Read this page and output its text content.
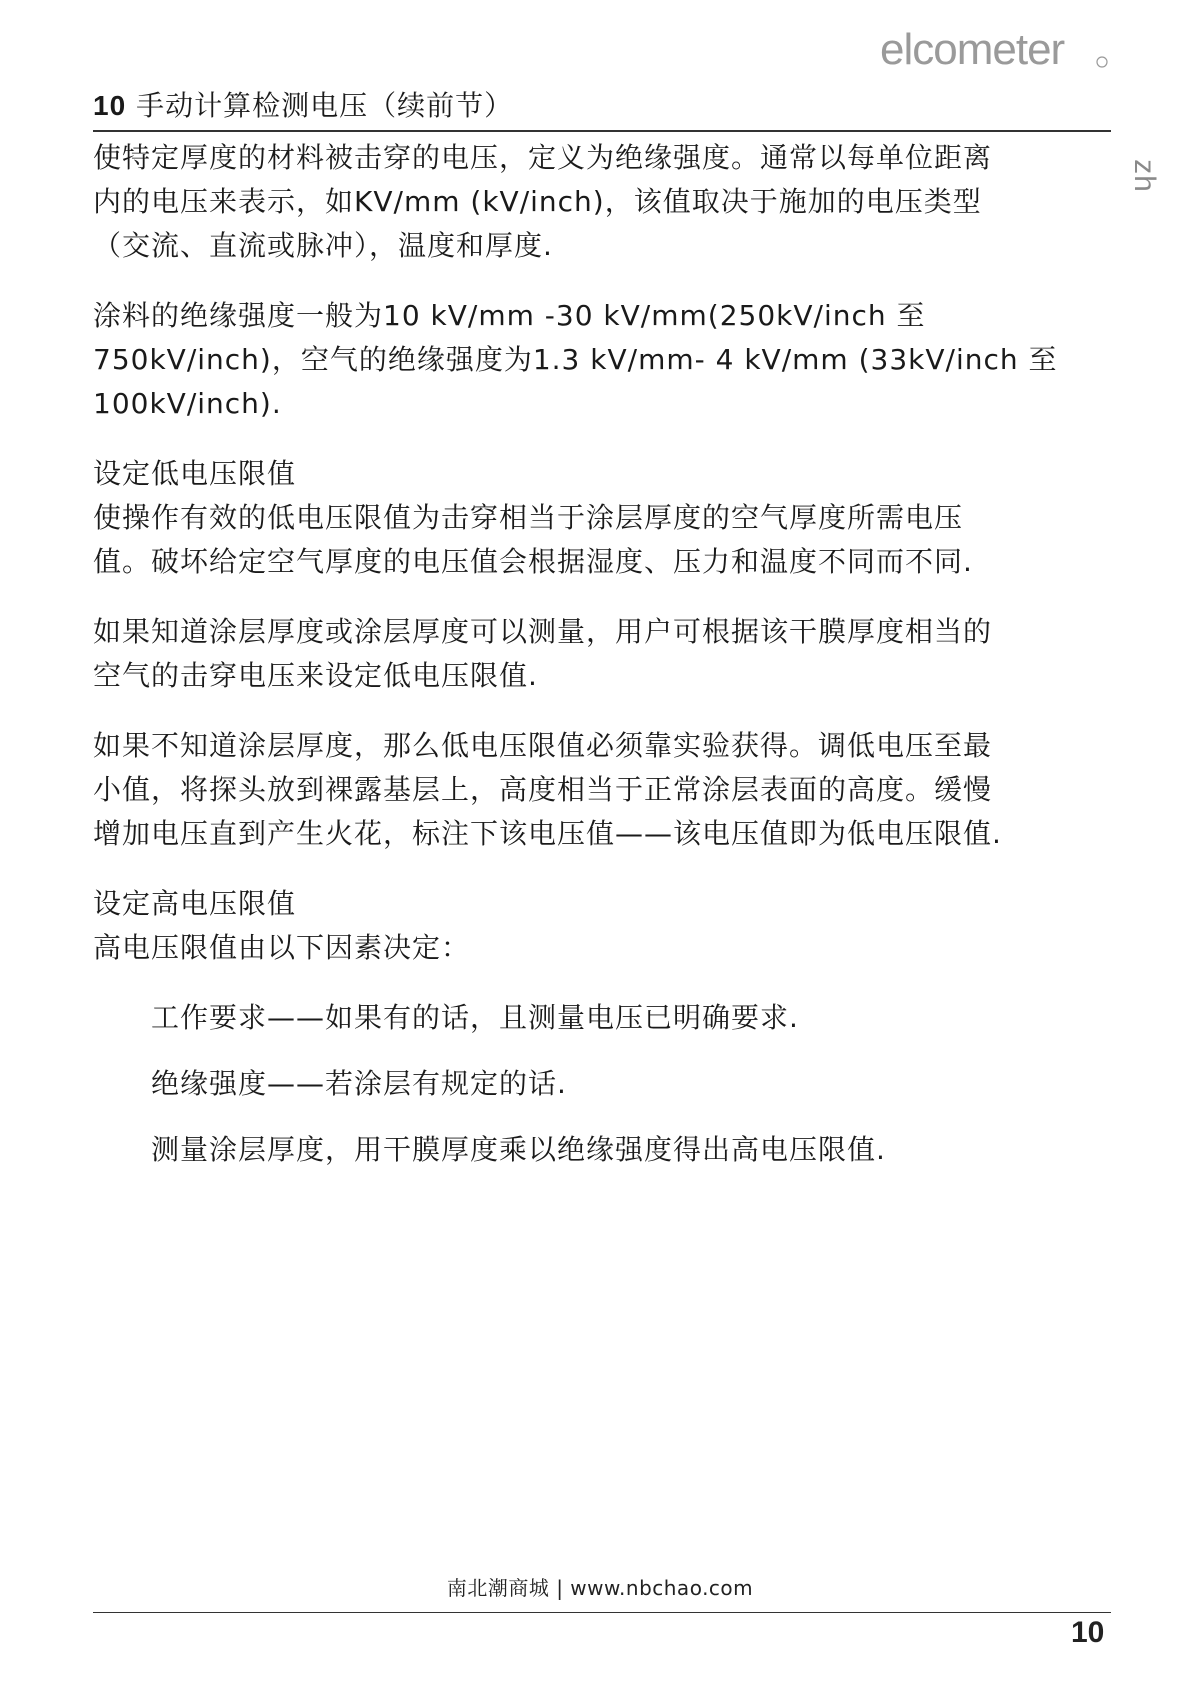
elcometer
zh
10 手动计算检测电压（续前节）

使特定厚度的材料被击穿的电压，定义为绝缘强度。通常以每单位距离
内的电压来表示，如KV/mm (kV/inch)，该值取决于施加的电压类型
（交流、直流或脉冲），温度和厚度.

涂料的绝缘强度一般为10 kV/mm -30 kV/mm(250kV/inch 至
750kV/inch)，空气的绝缘强度为1.3 kV/mm- 4 kV/mm (33kV/inch 至
100kV/inch).

设定低电压限值
使操作有效的低电压限值为击穿相当于涂层厚度的空气厚度所需电压
值。破坏给定空气厚度的电压值会根据湿度、压力和温度不同而不同.

如果知道涂层厚度或涂层厚度可以测量，用户可根据该干膜厚度相当的
空气的击穿电压来设定低电压限值.

如果不知道涂层厚度，那么低电压限值必须靠实验获得。调低电压至最
小值，将探头放到裸露基层上，高度相当于正常涂层表面的高度。缓慢
增加电压直到产生火花，标注下该电压值——该电压值即为低电压限值.

设定高电压限值
高电压限值由以下因素决定：

工作要求——如果有的话，且测量电压已明确要求.

绝缘强度——若涂层有规定的话.

测量涂层厚度，用干膜厚度乘以绝缘强度得出高电压限值.

南北潮商城 | www.nbchao.com
10
